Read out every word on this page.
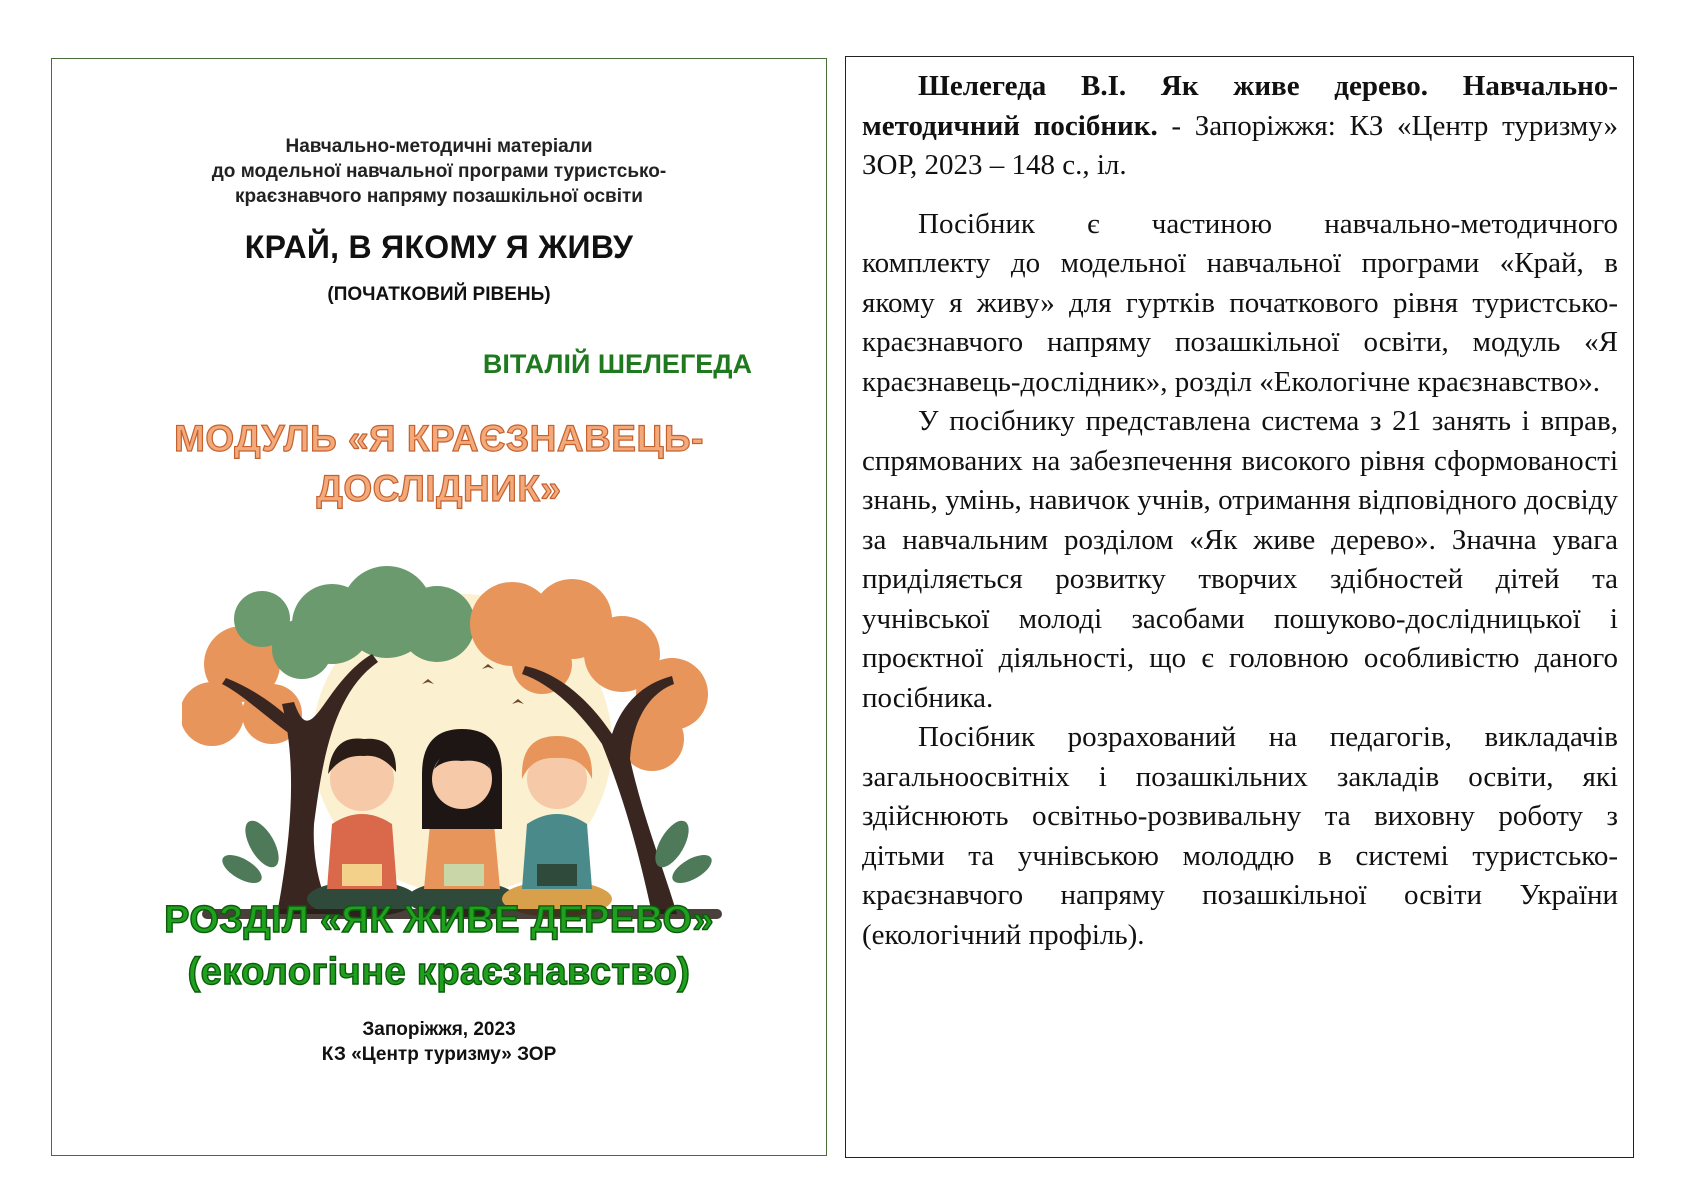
Навчально-методичні матеріали
до модельної навчальної програми туристсько-
краєзнавчого напряму позашкільної освіти
КРАЙ, В ЯКОМУ Я ЖИВУ
(ПОЧАТКОВИЙ РІВЕНЬ)
ВІТАЛІЙ ШЕЛЕГЕДА
МОДУЛЬ «Я КРАЄЗНАВЕЦЬ-
ДОСЛІДНИК»
РОЗДІЛ «ЯК ЖИВЕ ДЕРЕВО»
(екологічне краєзнавство)
Запоріжжя, 2023
КЗ «Центр туризму» ЗОР

Шелегеда В.І. Як живе дерево. Навчально-методичний посібник. - Запоріжжя: КЗ «Центр туризму» ЗОР, 2023 – 148 с., іл.

Посібник є частиною навчально-методичного комплекту до модельної навчальної програми «Край, в якому я живу» для гуртків початкового рівня туристсько-краєзнавчого напряму позашкільної освіти, модуль «Я краєзнавець-дослідник», розділ «Екологічне краєзнавство».

У посібнику представлена система з 21 занять і вправ, спрямованих на забезпечення високого рівня сформованості знань, умінь, навичок учнів, отримання відповідного досвіду за навчальним розділом «Як живе дерево». Значна увага приділяється розвитку творчих здібностей дітей та учнівської молоді засобами пошуково-дослідницької і проєктної діяльності, що є головною особливістю даного посібника.

Посібник розрахований на педагогів, викладачів загальноосвітніх і позашкільних закладів освіти, які здійснюють освітньо-розвивальну та виховну роботу з дітьми та учнівською молоддю в системі туристсько-краєзнавчого напряму позашкільної освіти України (екологічний профіль).
